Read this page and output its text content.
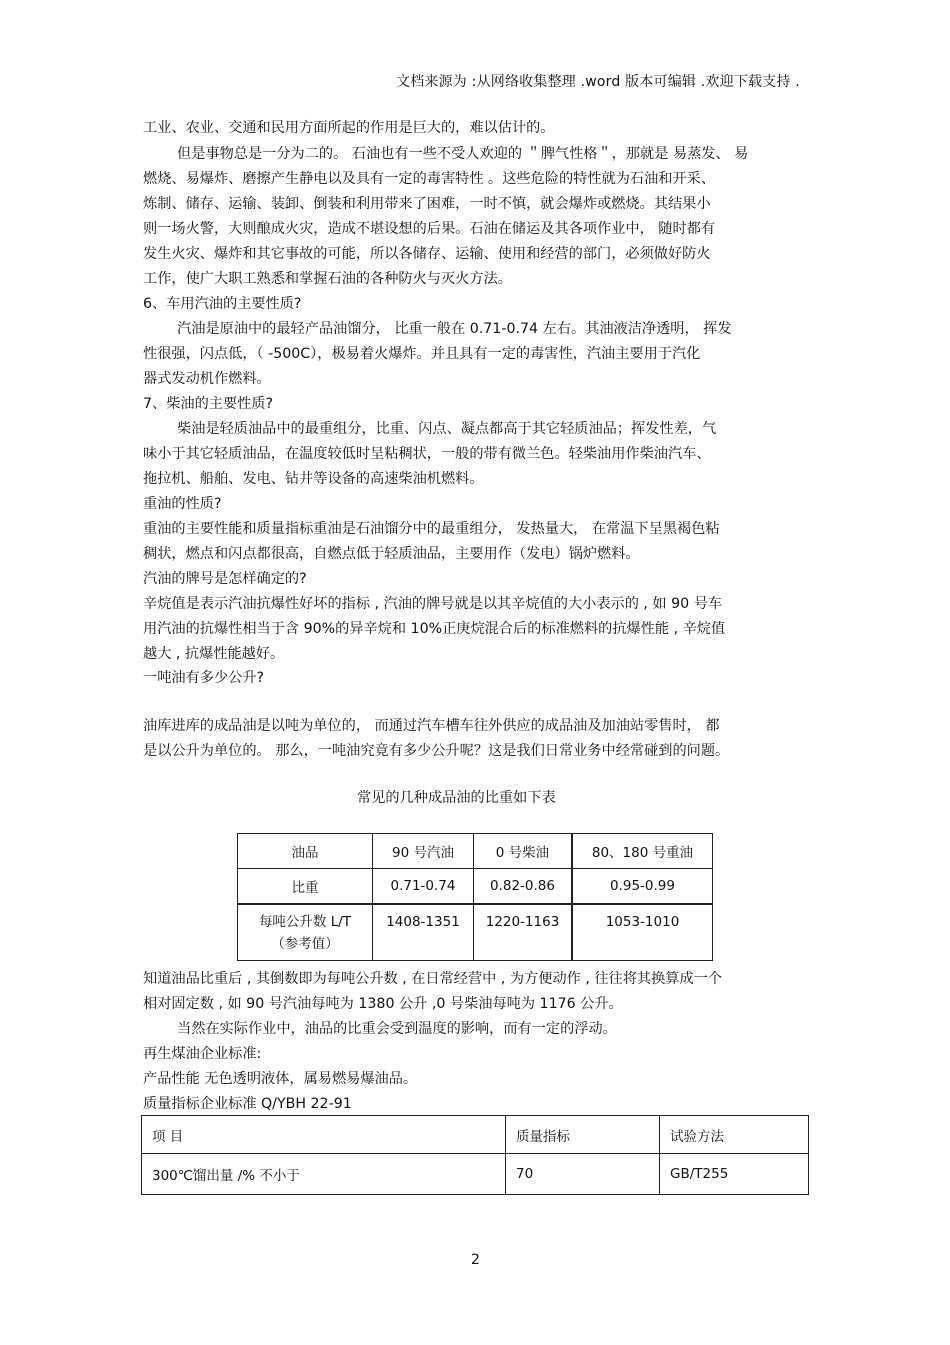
文档来源为 :从网络收集整理 .word 版本可编辑 .欢迎下载支持 .
工业、农业、交通和民用方面所起的作用是巨大的，难以估计的。
但是事物总是一分为二的。 石油也有一些不受人欢迎的 ＂脾气性格＂，那就是 易蒸发、 易
燃烧、易爆炸、磨擦产生静电以及具有一定的毒害特性 。这些危险的特性就为石油和开采、
炼制、储存、运输、装卸、倒装和利用带来了困难，一时不慎，就会爆炸或燃烧。其结果小
则一场火警，大则酿成火灾，造成不堪设想的后果。石油在储运及其各项作业中， 随时都有
发生火灾、爆炸和其它事故的可能，所以各储存、运输、使用和经营的部门，必须做好防火
工作，使广大职工熟悉和掌握石油的各种防火与灭火方法。
6、车用汽油的主要性质?
汽油是原油中的最轻产品油馏分， 比重一般在 0.71-0.74 左右。其油液洁净透明， 挥发
性很强，闪点低，（ -500C），极易着火爆炸。并且具有一定的毒害性，汽油主要用于汽化
器式发动机作燃料。
7、柴油的主要性质?
柴油是轻质油品中的最重组分，比重、闪点、凝点都高于其它轻质油品；挥发性差，气
味小于其它轻质油品，在温度较低时呈粘稠状，一般的带有微兰色。轻柴油用作柴油汽车、
拖拉机、船舶、发电、钻井等设备的高速柴油机燃料。
重油的性质?
重油的主要性能和质量指标重油是石油馏分中的最重组分， 发热量大， 在常温下呈黑褐色粘
稠状，燃点和闪点都很高，自燃点低于轻质油品，主要用作（发电）锅炉燃料。
汽油的牌号是怎样确定的?
辛烷值是表示汽油抗爆性好坏的指标 , 汽油的牌号就是以其辛烷值的大小表示的 , 如 90 号车
用汽油的抗爆性相当于含 90%的异辛烷和 10%正庚烷混合后的标准燃料的抗爆性能 , 辛烷值
越大 , 抗爆性能越好。
一吨油有多少公升?
油库进库的成品油是以吨为单位的， 而通过汽车槽车往外供应的成品油及加油站零售时， 都
是以公升为单位的。 那么，一吨油究竟有多少公升呢？这是我们日常业务中经常碰到的问题。
常见的几种成品油的比重如下表
油品	90 号汽油	0 号柴油	80、180 号重油
比重	0.71-0.74	0.82-0.86	0.95-0.99

每吨公升数 L/T
（参考值）	1408-1351	1220-1163	1053-1010
知道油品比重后 , 其倒数即为每吨公升数 , 在日常经营中 , 为方便动作 , 往往将其换算成一个
相对固定数 , 如 90 号汽油每吨为 1380 公升 ,0 号柴油每吨为 1176 公升。
当然在实际作业中，油品的比重会受到温度的影响，而有一定的浮动。
再生煤油企业标准:
产品性能 无色透明液体，属易燃易爆油品。
质量指标企业标准 Q/YBH 22-91
项 目	质量指标	试验方法
300℃馏出量 /% 不小于	70	GB/T255
2
